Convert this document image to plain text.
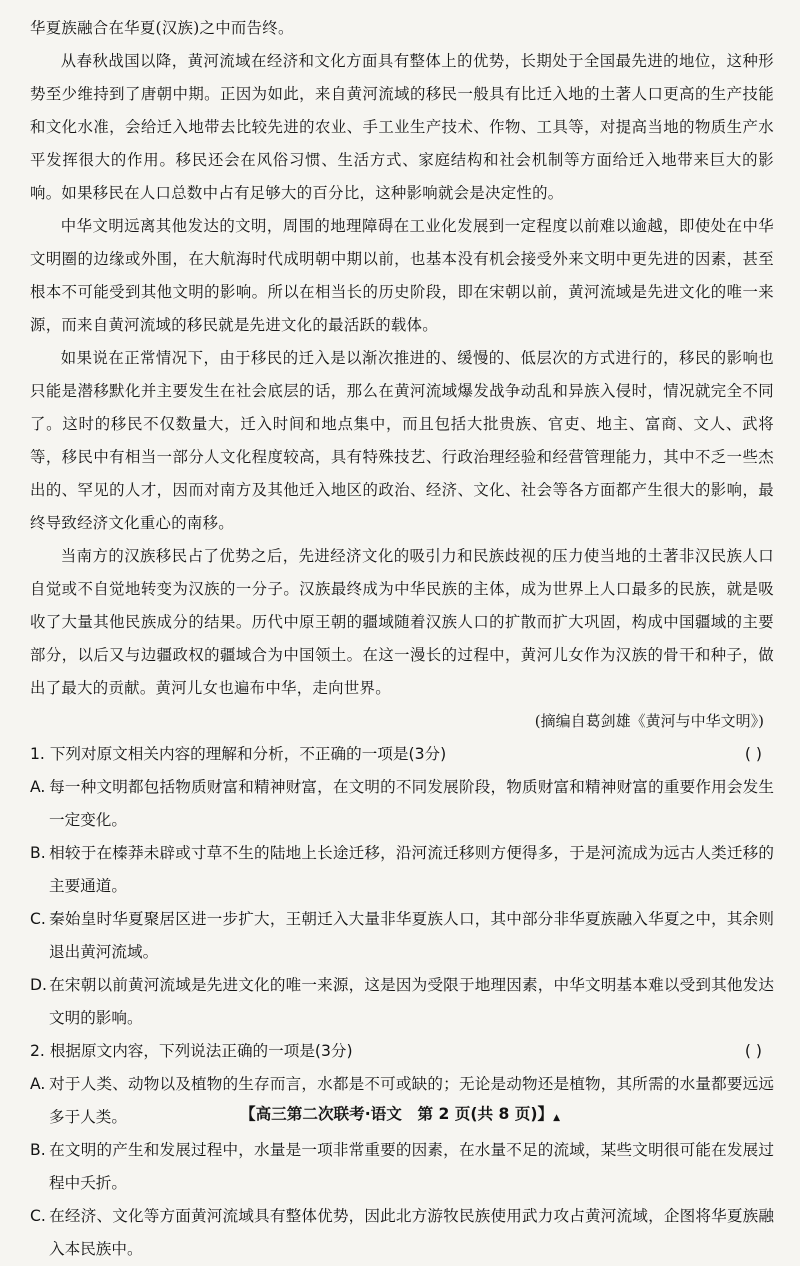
华夏族融合在华夏(汉族)之中而告终。

从春秋战国以降，黄河流域在经济和文化方面具有整体上的优势，长期处于全国最先进的地位，这种形势至少维持到了唐朝中期。正因为如此，来自黄河流域的移民一般具有比迁入地的土著人口更高的生产技能和文化水准，会给迁入地带去比较先进的农业、手工业生产技术、作物、工具等，对提高当地的物质生产水平发挥很大的作用。移民还会在风俗习惯、生活方式、家庭结构和社会机制等方面给迁入地带来巨大的影响。如果移民在人口总数中占有足够大的百分比，这种影响就会是决定性的。

中华文明远离其他发达的文明，周围的地理障碍在工业化发展到一定程度以前难以逾越，即使处在中华文明圈的边缘或外围，在大航海时代成明朝中期以前，也基本没有机会接受外来文明中更先进的因素，甚至根本不可能受到其他文明的影响。所以在相当长的历史阶段，即在宋朝以前，黄河流域是先进文化的唯一来源，而来自黄河流域的移民就是先进文化的最活跃的载体。

如果说在正常情况下，由于移民的迁入是以渐次推进的、缓慢的、低层次的方式进行的，移民的影响也只能是潜移默化并主要发生在社会底层的话，那么在黄河流域爆发战争动乱和异族入侵时，情况就完全不同了。这时的移民不仅数量大，迁入时间和地点集中，而且包括大批贵族、官吏、地主、富商、文人、武将等，移民中有相当一部分人文化程度较高，具有特殊技艺、行政治理经验和经营管理能力，其中不乏一些杰出的、罕见的人才，因而对南方及其他迁入地区的政治、经济、文化、社会等各方面都产生很大的影响，最终导致经济文化重心的南移。

当南方的汉族移民占了优势之后，先进经济文化的吸引力和民族歧视的压力使当地的土著非汉民族人口自觉或不自觉地转变为汉族的一分子。汉族最终成为中华民族的主体，成为世界上人口最多的民族，就是吸收了大量其他民族成分的结果。历代中原王朝的疆域随着汉族人口的扩散而扩大巩固，构成中国疆域的主要部分，以后又与边疆政权的疆域合为中国领土。在这一漫长的过程中，黄河儿女作为汉族的骨干和种子，做出了最大的贡献。黄河儿女也遍布中华，走向世界。

(摘编自葛剑雄《黄河与中华文明》)

1. 下列对原文相关内容的理解和分析，不正确的一项是(3分)	( )

A. 每一种文明都包括物质财富和精神财富，在文明的不同发展阶段，物质财富和精神财富的重要作用会发生一定变化。

B. 相较于在榛莽未辟或寸草不生的陆地上长途迁移，沿河流迁移则方便得多，于是河流成为远古人类迁移的主要通道。

C. 秦始皇时华夏聚居区进一步扩大，王朝迁入大量非华夏族人口，其中部分非华夏族融入华夏之中，其余则退出黄河流域。

D. 在宋朝以前黄河流域是先进文化的唯一来源，这是因为受限于地理因素，中华文明基本难以受到其他发达文明的影响。

2. 根据原文内容，下列说法正确的一项是(3分)	( )

A. 对于人类、动物以及植物的生存而言，水都是不可或缺的；无论是动物还是植物，其所需的水量都要远远多于人类。

B. 在文明的产生和发展过程中，水量是一项非常重要的因素，在水量不足的流域，某些文明很可能在发展过程中夭折。

C. 在经济、文化等方面黄河流域具有整体优势，因此北方游牧民族使用武力攻占黄河流域，企图将华夏族融入本民族中。

【高三第二次联考·语文　第 2 页(共 8 页)】▲
